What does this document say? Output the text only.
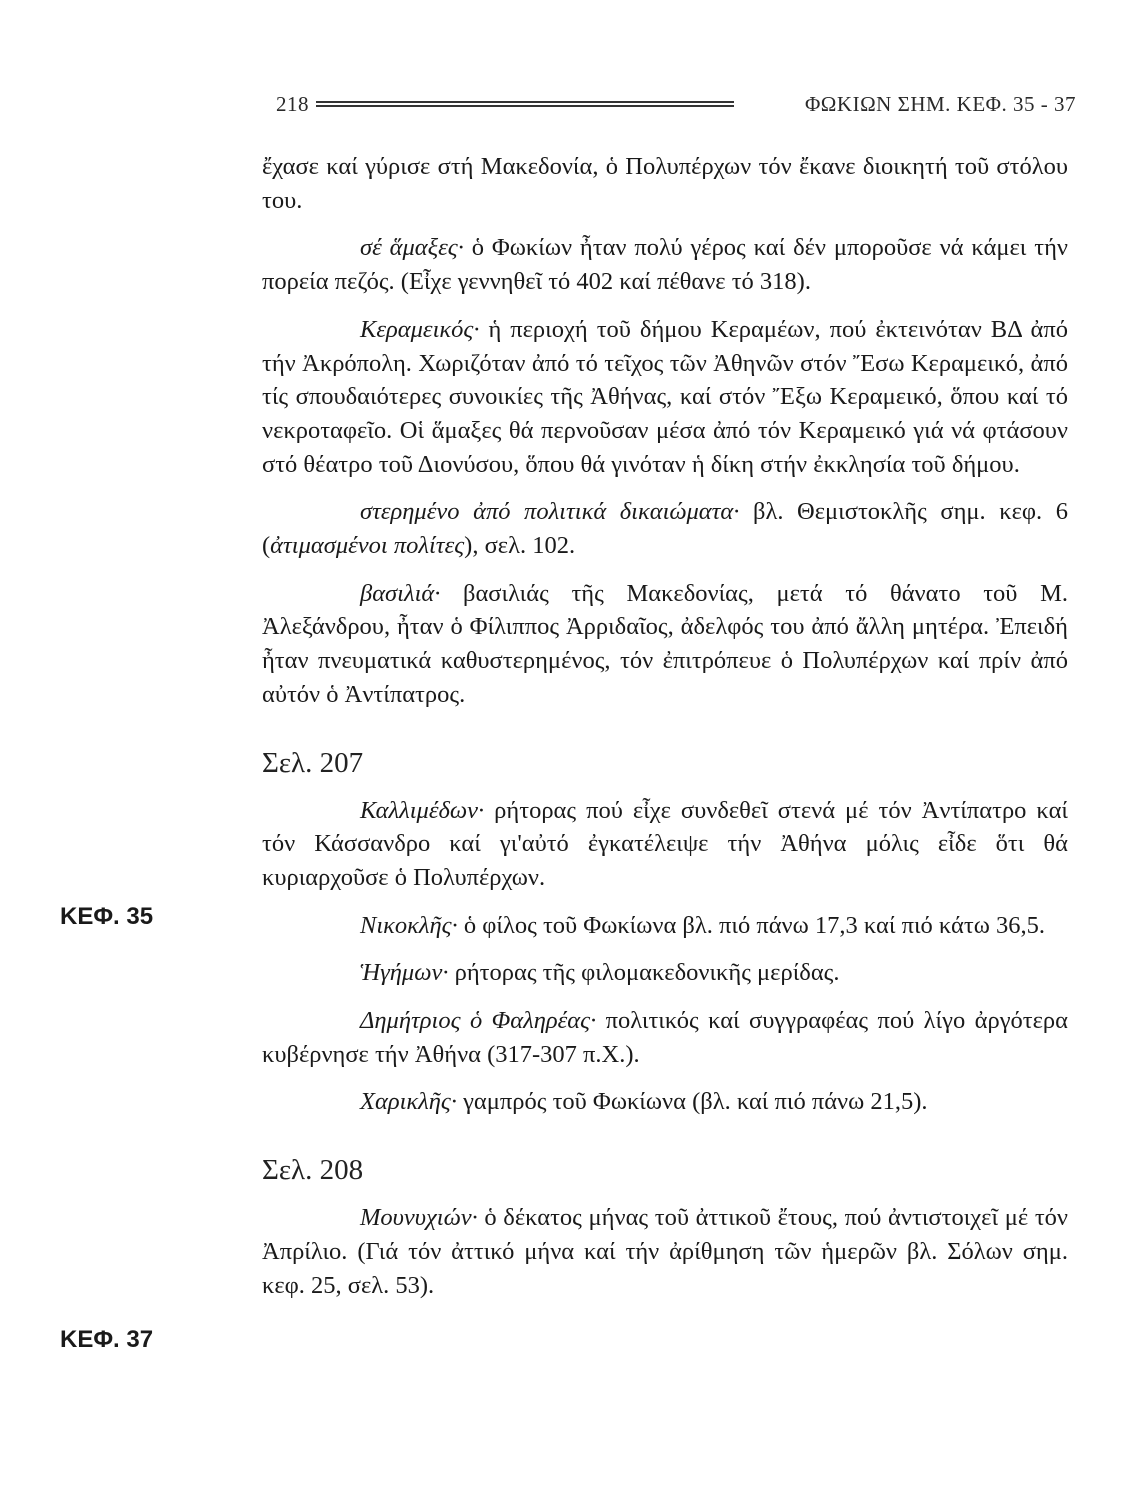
218	ΦΩΚΙΩΝ ΣΗΜ. ΚΕΦ. 35 - 37
ΚΕΦ. 35
ΚΕΦ. 37

ἔχασε καί γύρισε στή Μακεδονία, ὁ Πολυπέρχων τόν ἔκανε διοικητή τοῦ στόλου του.

σέ ἅμαξες· ὁ Φωκίων ἦταν πολύ γέρος καί δέν μποροῦσε νά κάμει τήν πορεία πεζός. (Εἶχε γεννηθεῖ τό 402 καί πέθανε τό 318).

Κεραμεικός· ἡ περιοχή τοῦ δήμου Κεραμέων, πού ἐκτεινόταν ΒΔ ἀπό τήν Ἀκρόπολη. Χωριζόταν ἀπό τό τεῖχος τῶν Ἀθηνῶν στόν Ἔσω Κεραμεικό, ἀπό τίς σπουδαιότερες συνοικίες τῆς Ἀθήνας, καί στόν Ἔξω Κεραμεικό, ὅπου καί τό νεκροταφεῖο. Οἱ ἅμαξες θά περνοῦσαν μέσα ἀπό τόν Κεραμεικό γιά νά φτάσουν στό θέατρο τοῦ Διονύσου, ὅπου θά γινόταν ἡ δίκη στήν ἐκκλησία τοῦ δήμου.

στερημένο ἀπό πολιτικά δικαιώματα· βλ. Θεμιστοκλῆς σημ. κεφ. 6 (ἀτιμασμένοι πολίτες), σελ. 102.

βασιλιά· βασιλιάς τῆς Μακεδονίας, μετά τό θάνατο τοῦ Μ. Ἀλεξάνδρου, ἦταν ὁ Φίλιππος Ἀρριδαῖος, ἀδελφός του ἀπό ἄλλη μητέρα. Ἐπειδή ἦταν πνευματικά καθυστερημένος, τόν ἐπιτρόπευε ὁ Πολυπέρχων καί πρίν ἀπό αὐτόν ὁ Ἀντίπατρος.

Σελ. 207

Καλλιμέδων· ρήτορας πού εἶχε συνδεθεῖ στενά μέ τόν Ἀντίπατρο καί τόν Κάσσανδρο καί γι'αὐτό ἐγκατέλειψε τήν Ἀθήνα μόλις εἶδε ὅτι θά κυριαρχοῦσε ὁ Πολυπέρχων.

Νικοκλῆς· ὁ φίλος τοῦ Φωκίωνα βλ. πιό πάνω 17,3 καί πιό κάτω 36,5.

Ἡγήμων· ρήτορας τῆς φιλομακεδονικῆς μερίδας.

Δημήτριος ὁ Φαληρέας· πολιτικός καί συγγραφέας πού λίγο ἀργότερα κυβέρνησε τήν Ἀθήνα (317-307 π.Χ.).

Χαρικλῆς· γαμπρός τοῦ Φωκίωνα (βλ. καί πιό πάνω 21,5).

Σελ. 208

Μουνυχιών· ὁ δέκατος μήνας τοῦ ἀττικοῦ ἔτους, πού ἀντιστοιχεῖ μέ τόν Ἀπρίλιο. (Γιά τόν ἀττικό μήνα καί τήν ἀρίθμηση τῶν ἡμερῶν βλ. Σόλων σημ. κεφ. 25, σελ. 53).
